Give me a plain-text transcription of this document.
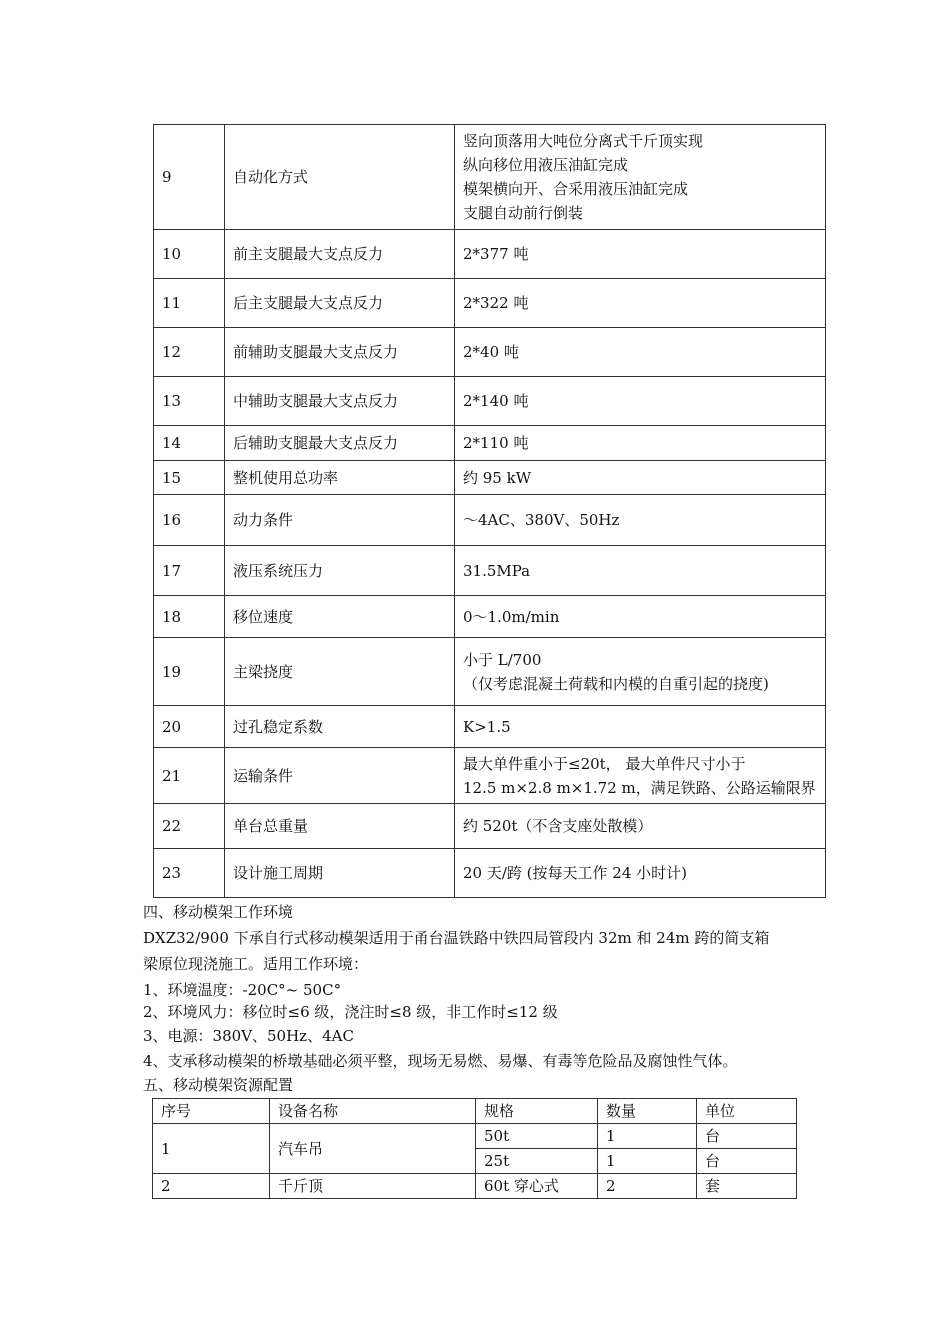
9	自动化方式	竖向顶落用大吨位分离式千斤顶实现
纵向移位用液压油缸完成
模架横向开、合采用液压油缸完成
支腿自动前行倒装

10	前主支腿最大支点反力	2*377 吨

11	后主支腿最大支点反力	2*322 吨

12	前辅助支腿最大支点反力	2*40 吨

13	中辅助支腿最大支点反力	2*140 吨

14	后辅助支腿最大支点反力	2*110 吨

15	整机使用总功率	约 95 kW

16	动力条件	～4AC、380V、50Hz

17	液压系统压力	31.5MPa

18	移位速度	0～1.0m/min

19	主梁挠度	小于 L/700
（仅考虑混凝土荷载和内模的自重引起的挠度)

20	过孔稳定系数	K>1.5

21	运输条件	最大单件重小于≤20t， 最大单件尺寸小于
12.5 m×2.8 m×1.72 m，满足铁路、公路运输限界

22	单台总重量	约 520t（不含支座处散模）

23	设计施工周期	20 天/跨 (按每天工作 24 小时计)
四、移动模架工作环境
DXZ32/900 下承自行式移动模架适用于甬台温铁路中铁四局管段内 32m 和 24m 跨的简支箱
梁原位现浇施工。适用工作环境：
1、环境温度：-20C°~ 50C°
2、环境风力：移位时≤6 级，浇注时≤8 级，非工作时≤12 级
3、电源：380V、50Hz、4AC
4、支承移动模架的桥墩基础必须平整，现场无易燃、易爆、有毒等危险品及腐蚀性气体。
五、移动模架资源配置
序号	设备名称	规格	数量	单位
1	汽车吊	50t	1	台
		25t	1	台
2	千斤顶	60t 穿心式	2	套
